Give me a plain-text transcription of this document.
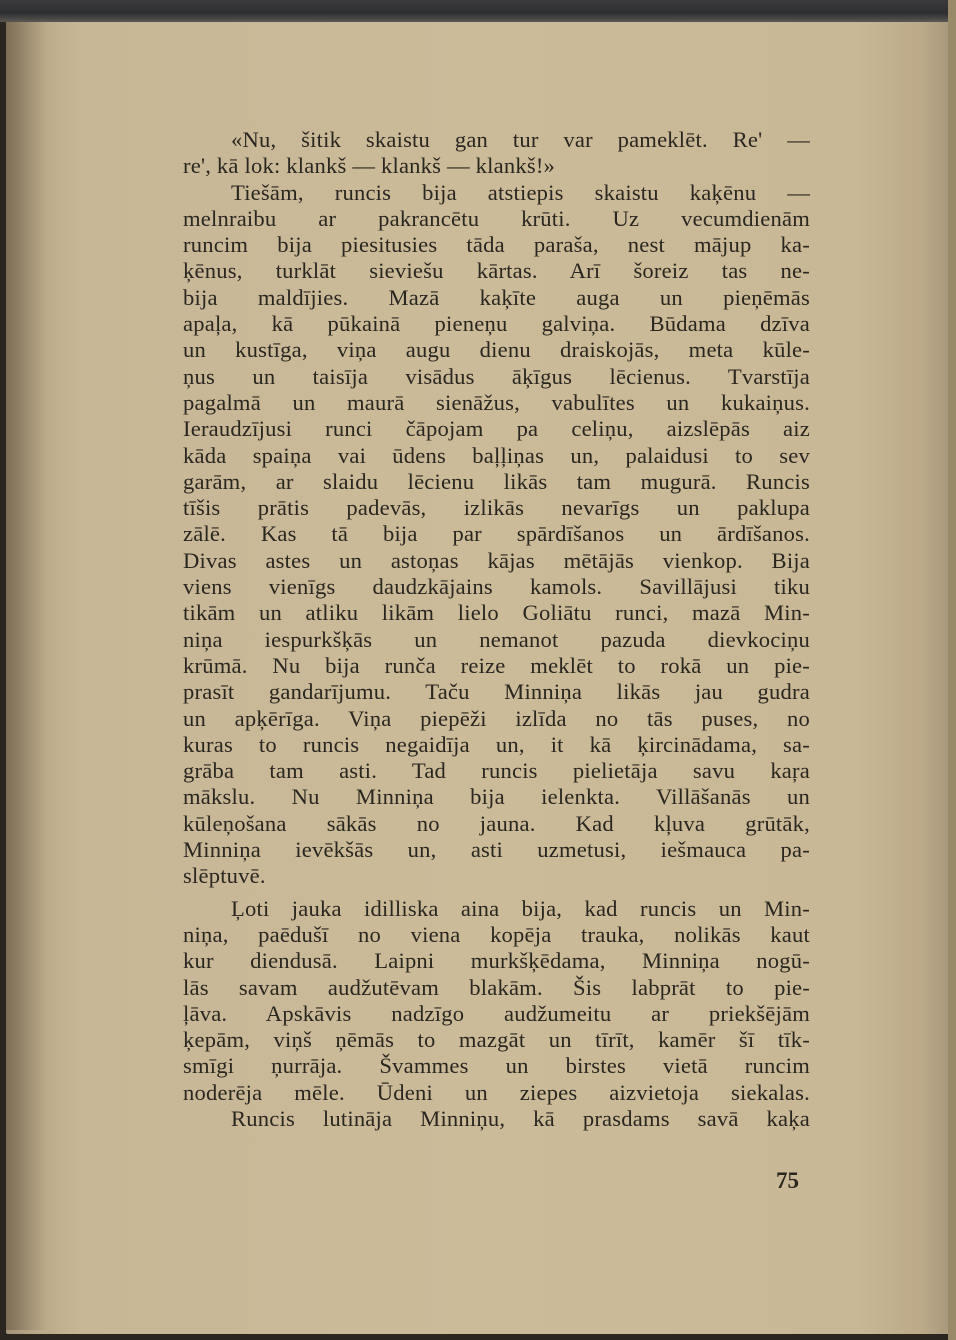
«Nu, šitik skaistu gan tur var pameklēt. Re' —
re', kā lok: klankš — klankš — klankš!»
Tiešām, runcis bija atstiepis skaistu kaķēnu —
melnraibu ar pakrancētu krūti. Uz vecumdienām
runcim bija piesitusies tāda paraša, nest mājup ka-
ķēnus, turklāt sieviešu kārtas. Arī šoreiz tas ne-
bija maldījies. Mazā kaķīte auga un pieņēmās
apaļa, kā pūkainā pieneņu galviņa. Būdama dzīva
un kustīga, viņa augu dienu draiskojās, meta kūle-
ņus un taisīja visādus āķīgus lēcienus. Tvarstīja
pagalmā un maurā sienāžus, vabulītes un kukaiņus.
Ieraudzījusi runci čāpojam pa celiņu, aizslēpās aiz
kāda spaiņa vai ūdens baļļiņas un, palaidusi to sev
garām, ar slaidu lēcienu likās tam mugurā. Runcis
tīšis prātis padevās, izlikās nevarīgs un paklupa
zālē. Kas tā bija par spārdīšanos un ārdīšanos.
Divas astes un astoņas kājas mētājās vienkop. Bija
viens vienīgs daudzkājains kamols. Savillājusi tiku
tikām un atliku likām lielo Goliātu runci, mazā Min-
niņa iespurkšķās un nemanot pazuda dievkociņu
krūmā. Nu bija runča reize meklēt to rokā un pie-
prasīt gandarījumu. Taču Minniņa likās jau gudra
un apķērīga. Viņa piepēži izlīda no tās puses, no
kuras to runcis negaidīja un, it kā ķircinādama, sa-
grāba tam asti. Tad runcis pielietāja savu kaŗa
mākslu. Nu Minniņa bija ielenkta. Villāšanās un
kūleņošana sākās no jauna. Kad kļuva grūtāk,
Minniņa ievēkšās un, asti uzmetusi, iešmauca pa-
slēptuvē.
Ļoti jauka idilliska aina bija, kad runcis un Min-
niņa, paēdušī no viena kopēja trauka, nolikās kaut
kur diendusā. Laipni murkšķēdama, Minniņa nogū-
lās savam audžutēvam blakām. Šis labprāt to pie-
ļāva. Apskāvis nadzīgo audžumeitu ar priekšējām
ķepām, viņš ņēmās to mazgāt un tīrīt, kamēr šī tīk-
smīgi ņurrāja. Švammes un birstes vietā runcim
noderēja mēle. Ūdeni un ziepes aizvietoja siekalas.
Runcis lutināja Minniņu, kā prasdams savā kaķa
75
